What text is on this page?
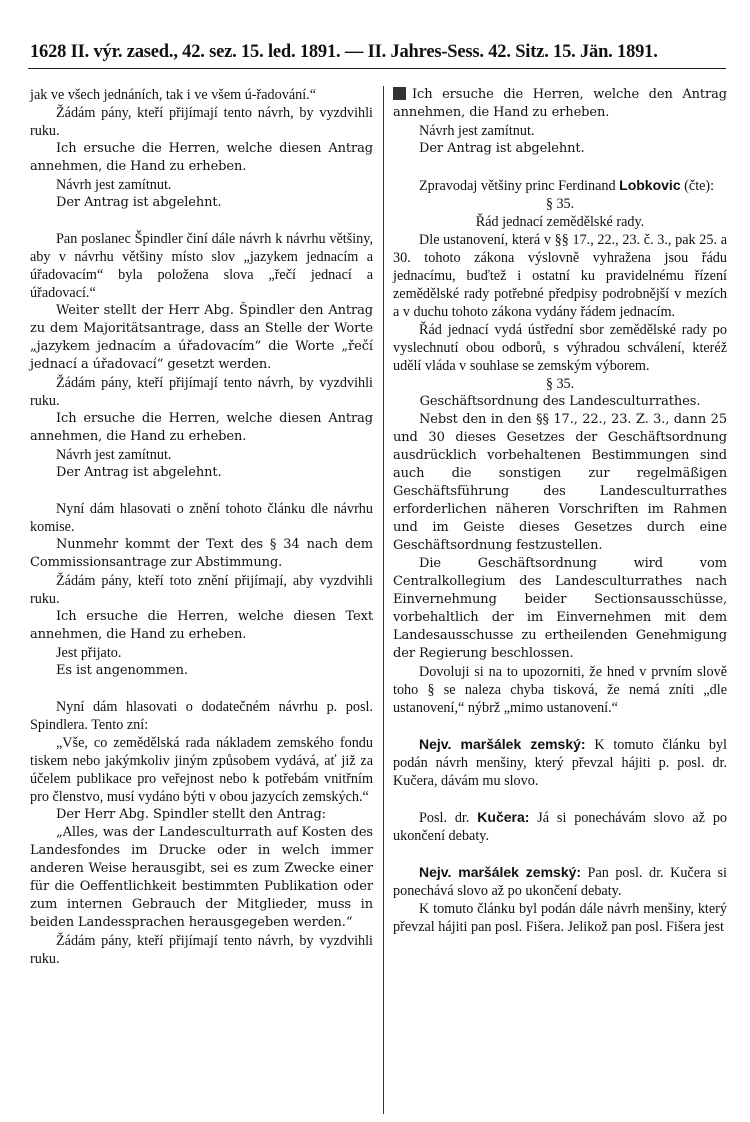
1628 II. výr. zased., 42. sez. 15. led. 1891. — II. Jahres-Sess. 42. Sitz. 15. Jän. 1891.

jak ve všech jednáních, tak i ve všem ú-řadování.“

Žádám pány, kteří přijímají tento návrh, by vyzdvihli ruku.

Ich ersuche die Herren, welche diesen Antrag annehmen, die Hand zu erheben.

Návrh jest zamítnut.

Der Antrag ist abgelehnt.

Pan poslanec Špindler činí dále návrh k návrhu většiny, aby v návrhu většiny místo slov „jazykem jednacím a úřadovacím“ byla položena slova „řečí jednací a úřadovací.“

Weiter stellt der Herr Abg. Špindler den Antrag zu dem Majoritätsantrage, dass an Stelle der Worte „jazykem jednacím a úřadovacím“ die Worte „řečí jednací a úřadovací“ gesetzt werden.

Žádám pány, kteří přijímají tento návrh, by vyzdvihli ruku.

Ich ersuche die Herren, welche diesen Antrag annehmen, die Hand zu erheben.

Návrh jest zamítnut.

Der Antrag ist abgelehnt.

Nyní dám hlasovati o znění tohoto článku dle návrhu komise.

Nunmehr kommt der Text des § 34 nach dem Commissionsantrage zur Abstimmung.

Žádám pány, kteří toto znění přijímají, aby vyzdvihli ruku.

Ich ersuche die Herren, welche diesen Text annehmen, die Hand zu erheben.

Jest přijato.

Es ist angenommen.

Nyní dám hlasovati o dodatečném návrhu p. posl. Spindlera. Tento zní:

„Vše, co zemědělská rada nákladem zemského fondu tiskem nebo jakýmkoliv jiným způsobem vydává, ať již za účelem publikace pro veřejnost nebo k potřebám vnitřním pro členstvo, musí vydáno býti v obou jazycích zemských.“

Der Herr Abg. Spindler stellt den Antrag:

„Alles, was der Landesculturrath auf Kosten des Landesfondes im Drucke oder in welch immer anderen Weise herausgibt, sei es zum Zwecke einer für die Oeffentlichkeit bestimmten Publikation oder zum internen Gebrauch der Mitglieder, muss in beiden Landessprachen herausgegeben werden.“

Žádám pány, kteří přijímají tento návrh, by vyzdvihli ruku.

Ich ersuche die Herren, welche den Antrag annehmen, die Hand zu erheben.

Návrh jest zamítnut.

Der Antrag ist abgelehnt.

Zpravodaj většiny princ Ferdinand Lobkovic (čte):

§ 35.

Řád jednací zemědělské rady.

Dle ustanovení, která v §§ 17., 22., 23. č. 3., pak 25. a 30. tohoto zákona výslovně vyhražena jsou řádu jednacímu, buďtež i ostatní ku pravidelnému řízení zemědělské rady potřebné předpisy podrobnější v mezích a v duchu tohoto zákona vydány řádem jednacím.

Řád jednací vydá ústřední sbor zemědělské rady po vyslechnutí obou odborů, s výhradou schválení, kteréž udělí vláda v souhlase se zemským výborem.

§ 35.

Geschäftsordnung des Landesculturrathes.

Nebst den in den §§ 17., 22., 23. Z. 3., dann 25 und 30 dieses Gesetzes der Geschäftsordnung ausdrücklich vorbehaltenen Bestimmungen sind auch die sonstigen zur regelmäßigen Geschäftsführung des Landesculturrathes erforderlichen näheren Vorschriften im Rahmen und im Geiste dieses Gesetzes durch eine Geschäftsordnung festzustellen.

Die Geschäftsordnung wird vom Centralkollegium des Landesculturrathes nach Einvernehmung beider Sectionsausschüsse, vorbehaltlich der im Einvernehmen mit dem Landesausschusse zu ertheilenden Genehmigung der Regierung beschlossen.

Dovoluji si na to upozorniti, že hned v prvním slově toho § se naleza chyba tisková, že nemá zníti „dle ustanovení,“ nýbrž „mimo ustanovení.“

Nejv. maršálek zemský: K tomuto článku byl podán návrh menšiny, který převzal hájiti p. posl. dr. Kučera, dávám mu slovo.

Posl. dr. Kučera: Já si ponechávám slovo až po ukončení debaty.

Nejv. maršálek zemský: Pan posl. dr. Kučera si ponechává slovo až po ukončení debaty.

K tomuto článku byl podán dále návrh menšiny, který převzal hájiti pan posl. Fišera. Jelikož pan posl. Fišera jest
